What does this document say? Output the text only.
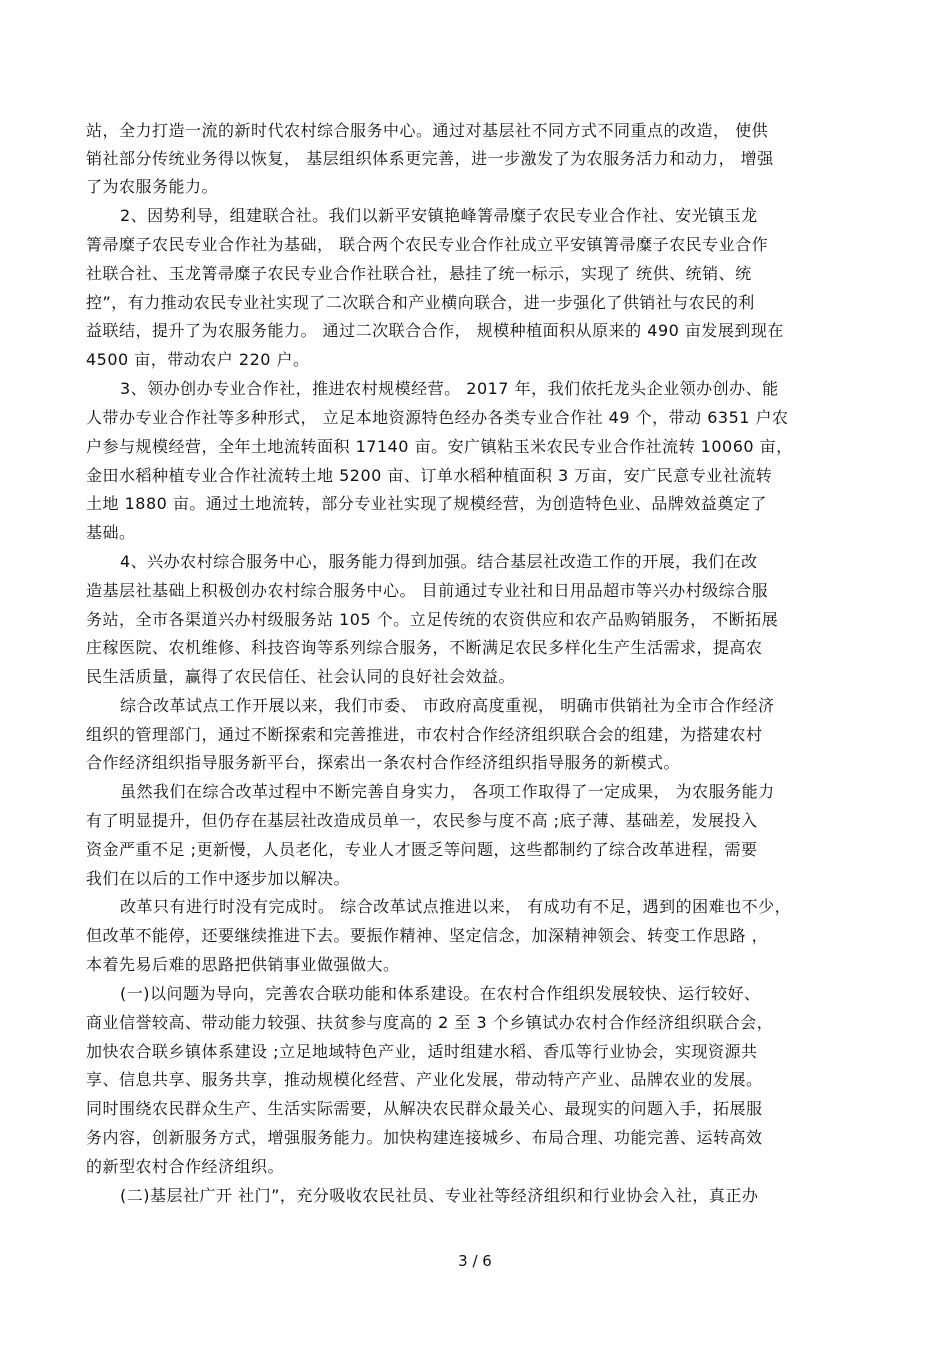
站，全力打造一流的新时代农村综合服务中心。通过对基层社不同方式不同重点的改造， 使供

销社部分传统业务得以恢复， 基层组织体系更完善，进一步激发了为农服务活力和动力， 增强

了为农服务能力。

2、因势利导，组建联合社。我们以新平安镇艳峰箐帚糜子农民专业合作社、安光镇玉龙

箐帚糜子农民专业合作社为基础， 联合两个农民专业合作社成立平安镇箐帚糜子农民专业合作

社联合社、玉龙箐帚糜子农民专业合作社联合社，悬挂了统一标示，实现了 统供、统销、统

控”，有力推动农民专业社实现了二次联合和产业横向联合，进一步强化了供销社与农民的利

益联结，提升了为农服务能力。 通过二次联合合作， 规模种植面积从原来的 490 亩发展到现在

4500 亩，带动农户 220 户。

3、领办创办专业合作社，推进农村规模经营。 2017 年，我们依托龙头企业领办创办、能

人带办专业合作社等多种形式， 立足本地资源特色经办各类专业合作社 49 个，带动 6351 户农

户参与规模经营，全年土地流转面积 17140 亩。安广镇粘玉米农民专业合作社流转 10060 亩，

金田水稻种植专业合作社流转土地 5200 亩、订单水稻种植面积 3 万亩，安广民意专业社流转

土地 1880 亩。通过土地流转，部分专业社实现了规模经营，为创造特色业、品牌效益奠定了

基础。

4、兴办农村综合服务中心，服务能力得到加强。结合基层社改造工作的开展，我们在改

造基层社基础上积极创办农村综合服务中心。 目前通过专业社和日用品超市等兴办村级综合服

务站，全市各渠道兴办村级服务站 105 个。立足传统的农资供应和农产品购销服务， 不断拓展

庄稼医院、农机维修、科技咨询等系列综合服务，不断满足农民多样化生产生活需求，提高农

民生活质量，赢得了农民信任、社会认同的良好社会效益。

综合改革试点工作开展以来，我们市委、 市政府高度重视， 明确市供销社为全市合作经济

组织的管理部门，通过不断探索和完善推进，市农村合作经济组织联合会的组建，为搭建农村

合作经济组织指导服务新平台，探索出一条农村合作经济组织指导服务的新模式。

虽然我们在综合改革过程中不断完善自身实力， 各项工作取得了一定成果， 为农服务能力

有了明显提升，但仍存在基层社改造成员单一，农民参与度不高 ;底子薄、基础差，发展投入

资金严重不足 ;更新慢，人员老化，专业人才匮乏等问题，这些都制约了综合改革进程，需要

我们在以后的工作中逐步加以解决。

改革只有进行时没有完成时。 综合改革试点推进以来， 有成功有不足，遇到的困难也不少，

但改革不能停，还要继续推进下去。要振作精神、坚定信念，加深精神领会、转变工作思路 ，

本着先易后难的思路把供销事业做强做大。

(一)以问题为导向，完善农合联功能和体系建设。在农村合作组织发展较快、运行较好、

商业信誉较高、带动能力较强、扶贫参与度高的 2 至 3 个乡镇试办农村合作经济组织联合会，

加快农合联乡镇体系建设 ;立足地域特色产业，适时组建水稻、香瓜等行业协会，实现资源共

享、信息共享、服务共享，推动规模化经营、产业化发展，带动特产产业、品牌农业的发展。

同时围绕农民群众生产、生活实际需要，从解决农民群众最关心、最现实的问题入手，拓展服

务内容，创新服务方式，增强服务能力。加快构建连接城乡、布局合理、功能完善、运转高效

的新型农村合作经济组织。

(二)基层社广开 社门”，充分吸收农民社员、专业社等经济组织和行业协会入社，真正办

3 / 6
